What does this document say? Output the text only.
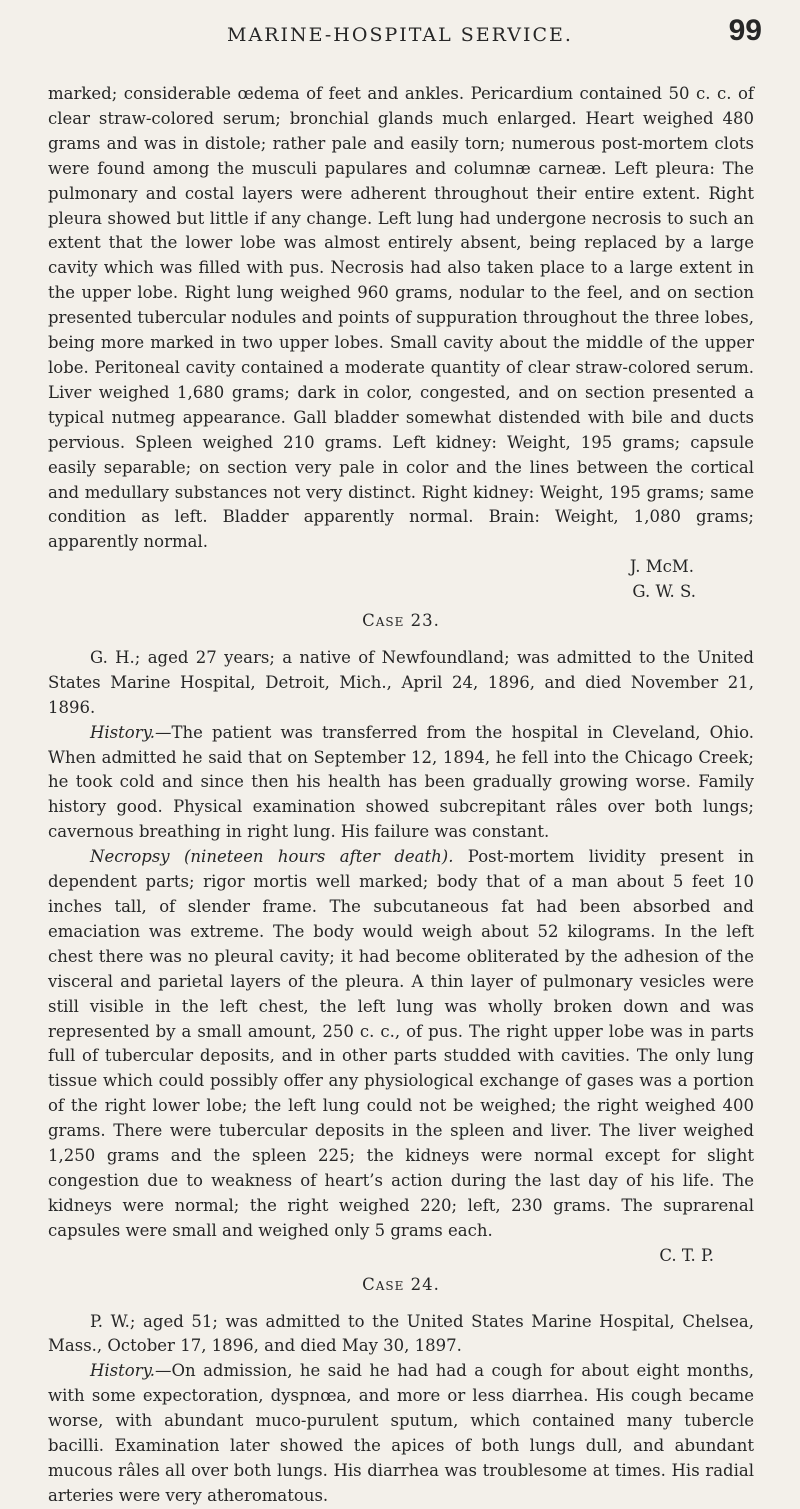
MARINE-HOSPITAL SERVICE.	99

marked; considerable œdema of feet and ankles. Pericardium contained 50 c. c. of clear straw-colored serum; bronchial glands much enlarged. Heart weighed 480 grams and was in distole; rather pale and easily torn; numerous post-mortem clots were found among the musculi papulares and columnæ carneæ. Left pleura: The pulmonary and costal layers were adherent throughout their entire extent. Right pleura showed but little if any change. Left lung had undergone necrosis to such an extent that the lower lobe was almost entirely absent, being replaced by a large cavity which was filled with pus. Necrosis had also taken place to a large extent in the upper lobe. Right lung weighed 960 grams, nodular to the feel, and on section presented tubercular nodules and points of suppuration throughout the three lobes, being more marked in two upper lobes. Small cavity about the middle of the upper lobe. Peritoneal cavity contained a moderate quantity of clear straw-colored serum. Liver weighed 1,680 grams; dark in color, congested, and on section presented a typical nutmeg appearance. Gall bladder somewhat distended with bile and ducts pervious. Spleen weighed 210 grams. Left kidney: Weight, 195 grams; capsule easily separable; on section very pale in color and the lines between the cortical and medullary substances not very distinct. Right kidney: Weight, 195 grams; same condition as left. Bladder apparently normal. Brain: Weight, 1,080 grams; apparently normal.

J. McM.

G. W. S.

Case 23.

G. H.; aged 27 years; a native of Newfoundland; was admitted to the United States Marine Hospital, Detroit, Mich., April 24, 1896, and died November 21, 1896.

History.—The patient was transferred from the hospital in Cleveland, Ohio. When admitted he said that on September 12, 1894, he fell into the Chicago Creek; he took cold and since then his health has been gradually growing worse. Family history good. Physical examination showed subcrepitant râles over both lungs; cavernous breathing in right lung. His failure was constant.

Necropsy (nineteen hours after death). Post-mortem lividity present in dependent parts; rigor mortis well marked; body that of a man about 5 feet 10 inches tall, of slender frame. The subcutaneous fat had been absorbed and emaciation was extreme. The body would weigh about 52 kilograms. In the left chest there was no pleural cavity; it had become obliterated by the adhesion of the visceral and parietal layers of the pleura. A thin layer of pulmonary vesicles were still visible in the left chest, the left lung was wholly broken down and was represented by a small amount, 250 c. c., of pus. The right upper lobe was in parts full of tubercular deposits, and in other parts studded with cavities. The only lung tissue which could possibly offer any physiological exchange of gases was a portion of the right lower lobe; the left lung could not be weighed; the right weighed 400 grams. There were tubercular deposits in the spleen and liver. The liver weighed 1,250 grams and the spleen 225; the kidneys were normal except for slight congestion due to weakness of heart’s action during the last day of his life. The kidneys were normal; the right weighed 220; left, 230 grams. The suprarenal capsules were small and weighed only 5 grams each.

C. T. P.

Case 24.

P. W.; aged 51; was admitted to the United States Marine Hospital, Chelsea, Mass., October 17, 1896, and died May 30, 1897.

History.—On admission, he said he had had a cough for about eight months, with some expectoration, dyspnœa, and more or less diarrhea. His cough became worse, with abundant muco-purulent sputum, which contained many tubercle bacilli. Examination later showed the apices of both lungs dull, and abundant mucous râles all over both lungs. His diarrhea was troublesome at times. His radial arteries were very atheromatous.
